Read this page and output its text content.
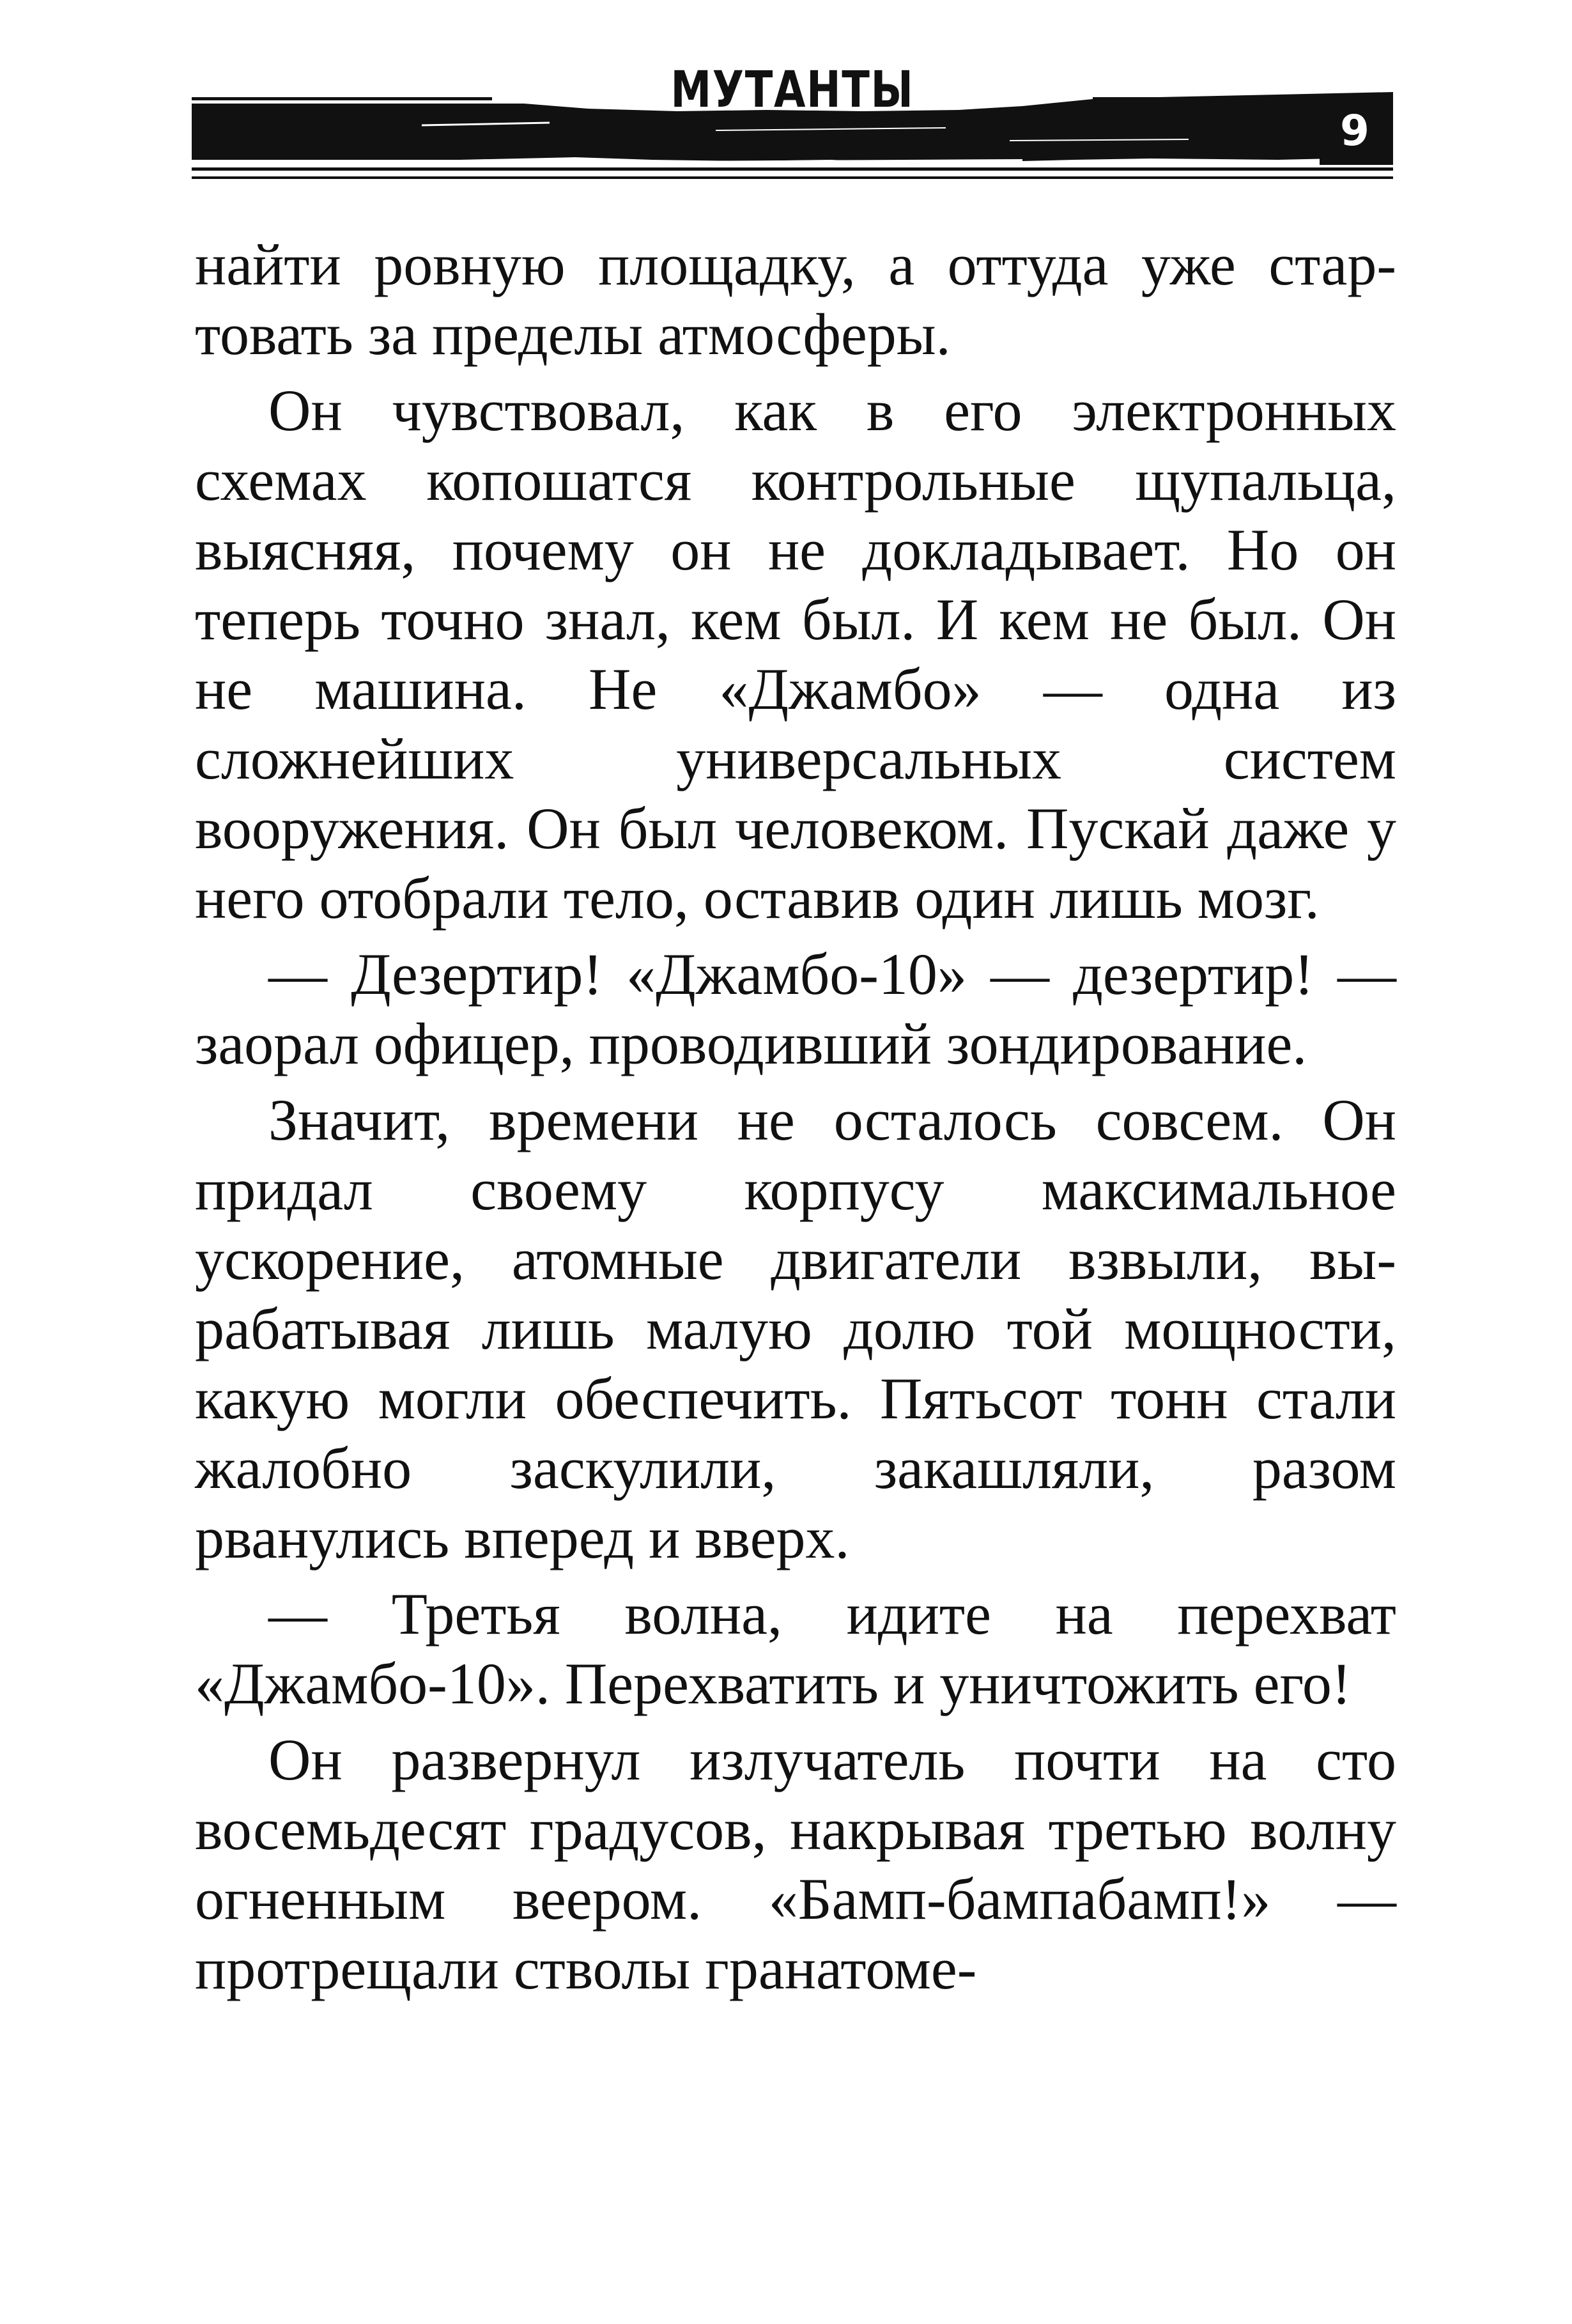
МУТАНТЫ
9

найти ровную площадку, а оттуда уже стартовать за пределы атмосферы.

Он чувствовал, как в его электронных схемах копошатся контрольные щупальца, выясняя, почему он не докладывает. Но он теперь точно знал, кем был. И кем не был. Он не машина. Не «Джамбо» — одна из сложнейших универсальных систем вооружения. Он был человеком. Пускай даже у него отобрали тело, оставив один лишь мозг.

— Дезертир! «Джамбо-10» — дезертир! — заорал офицер, проводивший зондирование.

Значит, времени не осталось совсем. Он придал своему корпусу максимальное ускорение, атомные двигатели взвыли, вырабатывая лишь малую долю той мощности, какую могли обеспечить. Пятьсот тонн стали жалобно заскулили, закашляли, разом рванулись вперед и вверх.

— Третья волна, идите на перехват «Джамбо-10». Перехватить и уничтожить его!

Он развернул излучатель почти на сто восемьдесят градусов, накрывая третью волну огненным веером. «Бамп-бампабамп!» — протрещали стволы гранатоме-
